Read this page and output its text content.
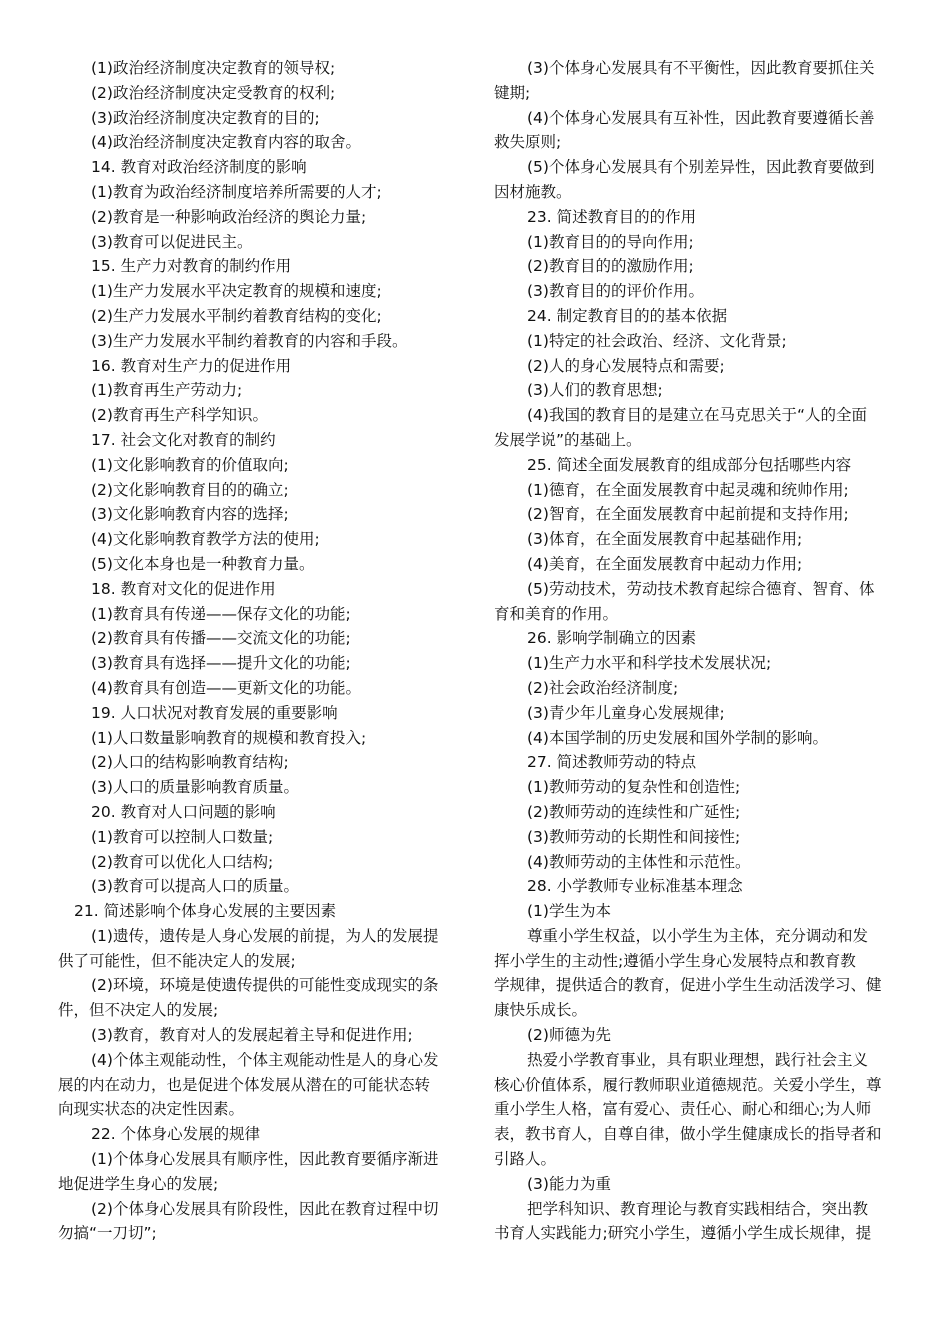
(1)政治经济制度决定教育的领导权;
(2)政治经济制度决定受教育的权利;
(3)政治经济制度决定教育的目的;
(4)政治经济制度决定教育内容的取舍。
14. 教育对政治经济制度的影响
(1)教育为政治经济制度培养所需要的人才;
(2)教育是一种影响政治经济的舆论力量;
(3)教育可以促进民主。
15. 生产力对教育的制约作用
(1)生产力发展水平决定教育的规模和速度;
(2)生产力发展水平制约着教育结构的变化;
(3)生产力发展水平制约着教育的内容和手段。
16. 教育对生产力的促进作用
(1)教育再生产劳动力;
(2)教育再生产科学知识。
17. 社会文化对教育的制约
(1)文化影响教育的价值取向;
(2)文化影响教育目的的确立;
(3)文化影响教育内容的选择;
(4)文化影响教育教学方法的使用;
(5)文化本身也是一种教育力量。
18. 教育对文化的促进作用
(1)教育具有传递——保存文化的功能;
(2)教育具有传播——交流文化的功能;
(3)教育具有选择——提升文化的功能;
(4)教育具有创造——更新文化的功能。
19. 人口状况对教育发展的重要影响
(1)人口数量影响教育的规模和教育投入;
(2)人口的结构影响教育结构;
(3)人口的质量影响教育质量。
20. 教育对人口问题的影响
(1)教育可以控制人口数量;
(2)教育可以优化人口结构;
(3)教育可以提高人口的质量。
21. 简述影响个体身心发展的主要因素
(1)遗传，遗传是人身心发展的前提，为人的发展提
供了可能性，但不能决定人的发展;
(2)环境，环境是使遗传提供的可能性变成现实的条
件，但不决定人的发展;
(3)教育，教育对人的发展起着主导和促进作用;
(4)个体主观能动性，个体主观能动性是人的身心发
展的内在动力，也是促进个体发展从潜在的可能状态转
向现实状态的决定性因素。
22. 个体身心发展的规律
(1)个体身心发展具有顺序性，因此教育要循序渐进
地促进学生身心的发展;
(2)个体身心发展具有阶段性，因此在教育过程中切
勿搞“一刀切”;
(3)个体身心发展具有不平衡性，因此教育要抓住关
键期;
(4)个体身心发展具有互补性，因此教育要遵循长善
救失原则;
(5)个体身心发展具有个别差异性，因此教育要做到
因材施教。
23. 简述教育目的的作用
(1)教育目的的导向作用;
(2)教育目的的激励作用;
(3)教育目的的评价作用。
24. 制定教育目的的基本依据
(1)特定的社会政治、经济、文化背景;
(2)人的身心发展特点和需要;
(3)人们的教育思想;
(4)我国的教育目的是建立在马克思关于“人的全面
发展学说”的基础上。
25. 简述全面发展教育的组成部分包括哪些内容
(1)德育，在全面发展教育中起灵魂和统帅作用;
(2)智育，在全面发展教育中起前提和支持作用;
(3)体育，在全面发展教育中起基础作用;
(4)美育，在全面发展教育中起动力作用;
(5)劳动技术，劳动技术教育起综合德育、智育、体
育和美育的作用。
26. 影响学制确立的因素
(1)生产力水平和科学技术发展状况;
(2)社会政治经济制度;
(3)青少年儿童身心发展规律;
(4)本国学制的历史发展和国外学制的影响。
27. 简述教师劳动的特点
(1)教师劳动的复杂性和创造性;
(2)教师劳动的连续性和广延性;
(3)教师劳动的长期性和间接性;
(4)教师劳动的主体性和示范性。
28. 小学教师专业标准基本理念
(1)学生为本
尊重小学生权益，以小学生为主体，充分调动和发
挥小学生的主动性;遵循小学生身心发展特点和教育教
学规律，提供适合的教育，促进小学生生动活泼学习、健
康快乐成长。
(2)师德为先
热爱小学教育事业，具有职业理想，践行社会主义
核心价值体系，履行教师职业道德规范。关爱小学生，尊
重小学生人格，富有爱心、责任心、耐心和细心;为人师
表，教书育人，自尊自律，做小学生健康成长的指导者和
引路人。
(3)能力为重
把学科知识、教育理论与教育实践相结合，突出教
书育人实践能力;研究小学生，遵循小学生成长规律，提
